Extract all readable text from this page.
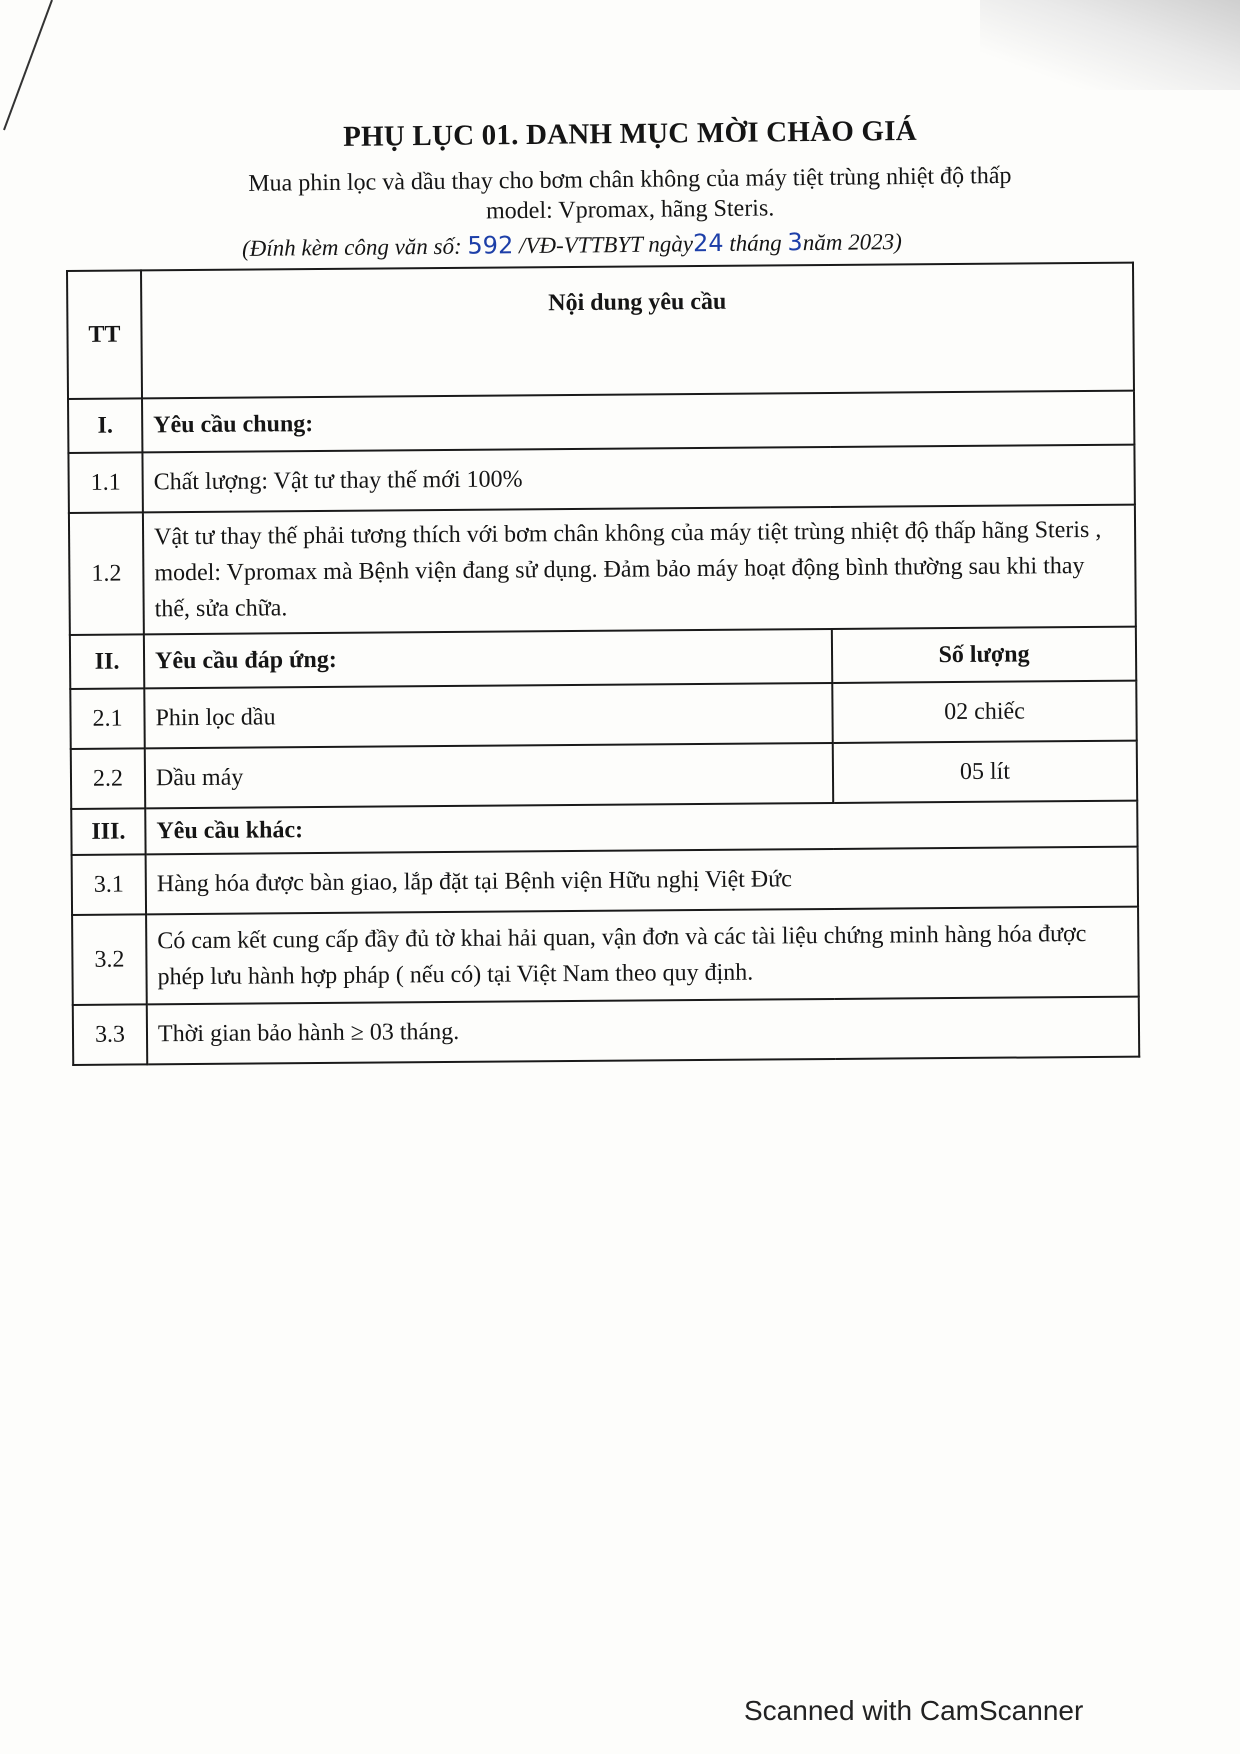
PHỤ LỤC 01. DANH MỤC MỜI CHÀO GIÁ
Mua phin lọc và dầu thay cho bơm chân không của máy tiệt trùng nhiệt độ thấp
model: Vpromax, hãng Steris.
(Đính kèm công văn số: 592 /VĐ-VTTBYT ngày24 tháng 3năm 2023)
TT	Nội dung yêu cầu	
I.	Yêu cầu chung:	
1.1	Chất lượng: Vật tư thay thế mới 100%	
1.2	Vật tư thay thế phải tương thích với bơm chân không của máy tiệt trùng nhiệt độ thấp hãng Steris , model: Vpromax mà Bệnh viện đang sử dụng. Đảm bảo máy hoạt động bình thường sau khi thay thế, sửa chữa.	
II.	Yêu cầu đáp ứng:	Số lượng
2.1	Phin lọc dầu	02 chiếc
2.2	Dầu máy	05 lít
III.	Yêu cầu khác:	
3.1	Hàng hóa được bàn giao, lắp đặt tại Bệnh viện Hữu nghị Việt Đức	
3.2	Có cam kết cung cấp đầy đủ tờ khai hải quan, vận đơn và các tài liệu chứng minh hàng hóa được phép lưu hành hợp pháp ( nếu có) tại Việt Nam theo quy định.	
3.3	Thời gian bảo hành ≥ 03 tháng.	
Scanned with CamScanner
